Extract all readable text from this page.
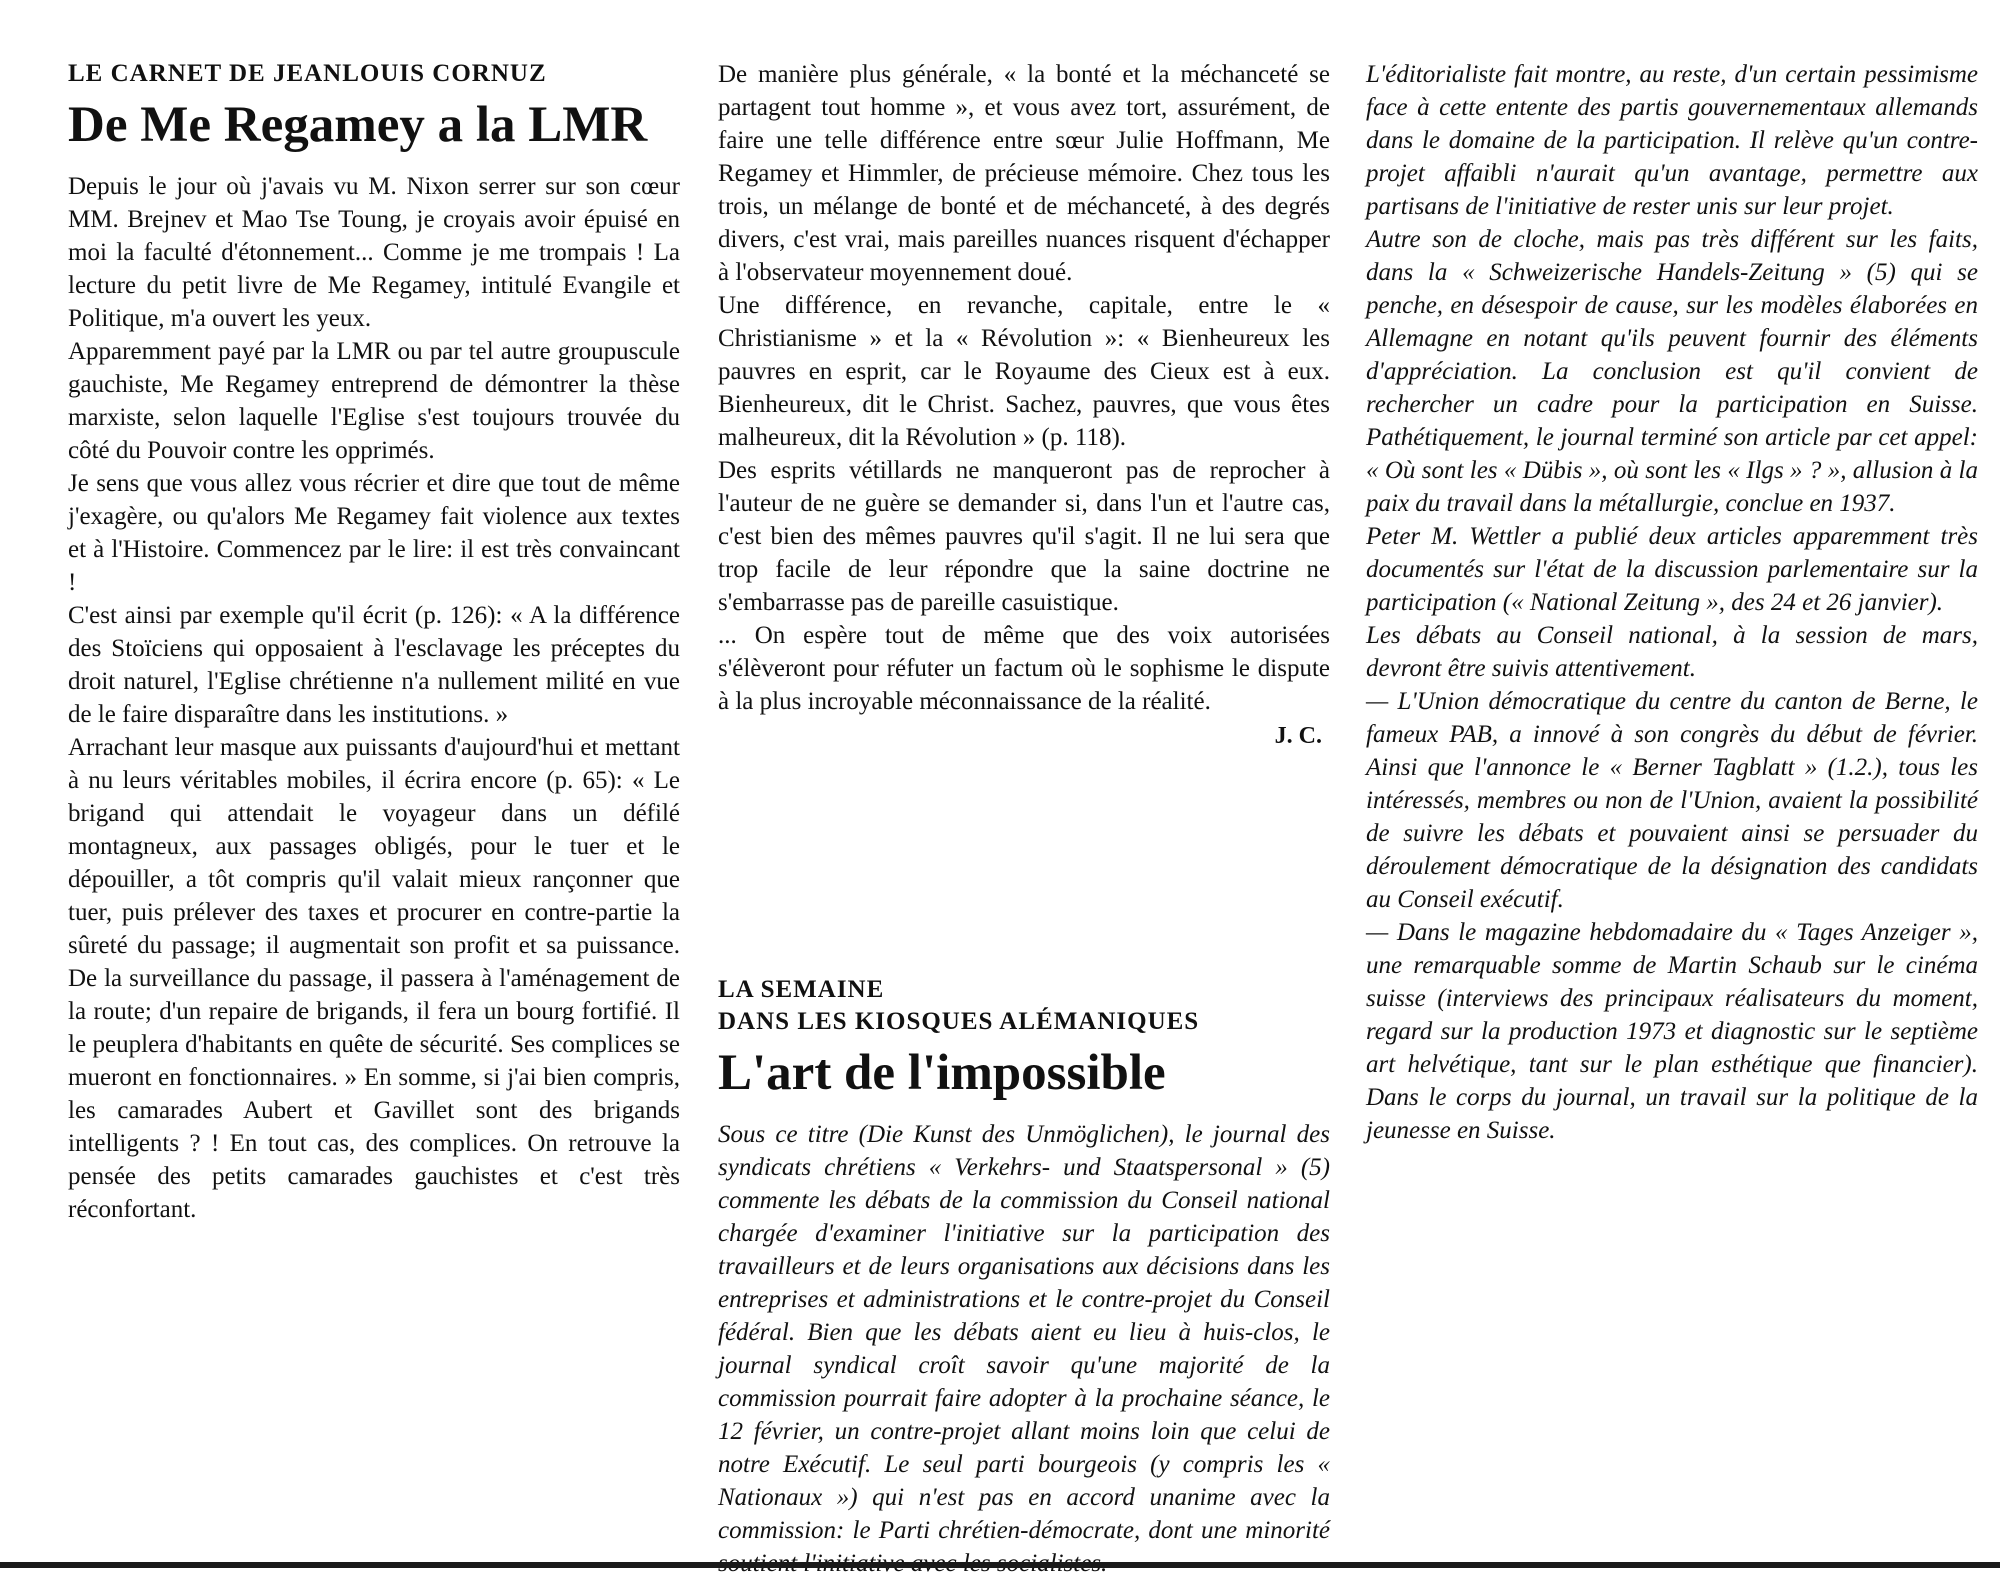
LE CARNET DE JEANLOUIS CORNUZ

De Me Regamey a la LMR

Depuis le jour où j'avais vu M. Nixon serrer sur son cœur MM. Brejnev et Mao Tse Toung, je croyais avoir épuisé en moi la faculté d'étonnement... Comme je me trompais ! La lecture du petit livre de Me Regamey, intitulé Evangile et Politique, m'a ouvert les yeux.

Apparemment payé par la LMR ou par tel autre groupuscule gauchiste, Me Regamey entreprend de démontrer la thèse marxiste, selon laquelle l'Eglise s'est toujours trouvée du côté du Pouvoir contre les opprimés.

Je sens que vous allez vous récrier et dire que tout de même j'exagère, ou qu'alors Me Regamey fait violence aux textes et à l'Histoire. Commencez par le lire: il est très convaincant !

C'est ainsi par exemple qu'il écrit (p. 126): « A la différence des Stoïciens qui opposaient à l'esclavage les préceptes du droit naturel, l'Eglise chrétienne n'a nullement milité en vue de le faire disparaître dans les institutions. »

Arrachant leur masque aux puissants d'aujourd'hui et mettant à nu leurs véritables mobiles, il écrira encore (p. 65): « Le brigand qui attendait le voyageur dans un défilé montagneux, aux passages obligés, pour le tuer et le dépouiller, a tôt compris qu'il valait mieux rançonner que tuer, puis prélever des taxes et procurer en contre-partie la sûreté du passage; il augmentait son profit et sa puissance. De la surveillance du passage, il passera à l'aménagement de la route; d'un repaire de brigands, il fera un bourg fortifié. Il le peuplera d'habitants en quête de sécurité. Ses complices se mueront en fonctionnaires. » En somme, si j'ai bien compris, les camarades Aubert et Gavillet sont des brigands intelligents ? ! En tout cas, des complices. On retrouve la pensée des petits camarades gauchistes et c'est très réconfortant.

De manière plus générale, « la bonté et la méchanceté se partagent tout homme », et vous avez tort, assurément, de faire une telle différence entre sœur Julie Hoffmann, Me Regamey et Himmler, de précieuse mémoire. Chez tous les trois, un mélange de bonté et de méchanceté, à des degrés divers, c'est vrai, mais pareilles nuances risquent d'échapper à l'observateur moyennement doué.

Une différence, en revanche, capitale, entre le « Christianisme » et la « Révolution »: « Bienheureux les pauvres en esprit, car le Royaume des Cieux est à eux. Bienheureux, dit le Christ. Sachez, pauvres, que vous êtes malheureux, dit la Révolution » (p. 118).

Des esprits vétillards ne manqueront pas de reprocher à l'auteur de ne guère se demander si, dans l'un et l'autre cas, c'est bien des mêmes pauvres qu'il s'agit. Il ne lui sera que trop facile de leur répondre que la saine doctrine ne s'embarrasse pas de pareille casuistique.

... On espère tout de même que des voix autorisées s'élèveront pour réfuter un factum où le sophisme le dispute à la plus incroyable méconnaissance de la réalité.

J. C.

LA SEMAINE

DANS LES KIOSQUES ALÉMANIQUES

L'art de l'impossible

Sous ce titre (Die Kunst des Unmöglichen), le journal des syndicats chrétiens « Verkehrs- und Staatspersonal » (5) commente les débats de la commission du Conseil national chargée d'examiner l'initiative sur la participation des travailleurs et de leurs organisations aux décisions dans les entreprises et administrations et le contre-projet du Conseil fédéral. Bien que les débats aient eu lieu à huis-clos, le journal syndical croît savoir qu'une majorité de la commission pourrait faire adopter à la prochaine séance, le 12 février, un contre-projet allant moins loin que celui de notre Exécutif. Le seul parti bourgeois (y compris les « Nationaux ») qui n'est pas en accord unanime avec la commission: le Parti chrétien-démocrate, dont une minorité

L'éditorialiste fait montre, au reste, d'un certain pessimisme face à cette entente des partis gouvernementaux allemands dans le domaine de la participation. Il relève qu'un contre-projet affaibli n'aurait qu'un avantage, permettre aux partisans de l'initiative de rester unis sur leur projet.

Autre son de cloche, mais pas très différent sur les faits, dans la « Schweizerische Handels-Zeitung » (5) qui se penche, en désespoir de cause, sur les modèles élaborées en Allemagne en notant qu'ils peuvent fournir des éléments d'appréciation. La conclusion est qu'il convient de rechercher un cadre pour la participation en Suisse. Pathétiquement, le journal terminé son article par cet appel: « Où sont les « Dübis », où sont les « Ilgs » ? », allusion à la paix du travail dans la métallurgie, conclue en 1937.

Peter M. Wettler a publié deux articles apparemment très documentés sur l'état de la discussion parlementaire sur la participation (« National Zeitung », des 24 et 26 janvier).

Les débats au Conseil national, à la session de mars, devront être suivis attentivement.

— L'Union démocratique du centre du canton de Berne, le fameux PAB, a innové à son congrès du début de février. Ainsi que l'annonce le « Berner Tagblatt » (1.2.), tous les intéressés, membres ou non de l'Union, avaient la possibilité de suivre les débats et pouvaient ainsi se persuader du déroulement démocratique de la désignation des candidats au Conseil exécutif.

— Dans le magazine hebdomadaire du « Tages Anzeiger », une remarquable somme de Martin Schaub sur le cinéma suisse (interviews des principaux réalisateurs du moment, regard sur la production 1973 et diagnostic sur le septième art helvétique, tant sur le plan esthétique que financier). Dans le corps du journal, un travail sur la politique de la jeunesse en Suisse.
